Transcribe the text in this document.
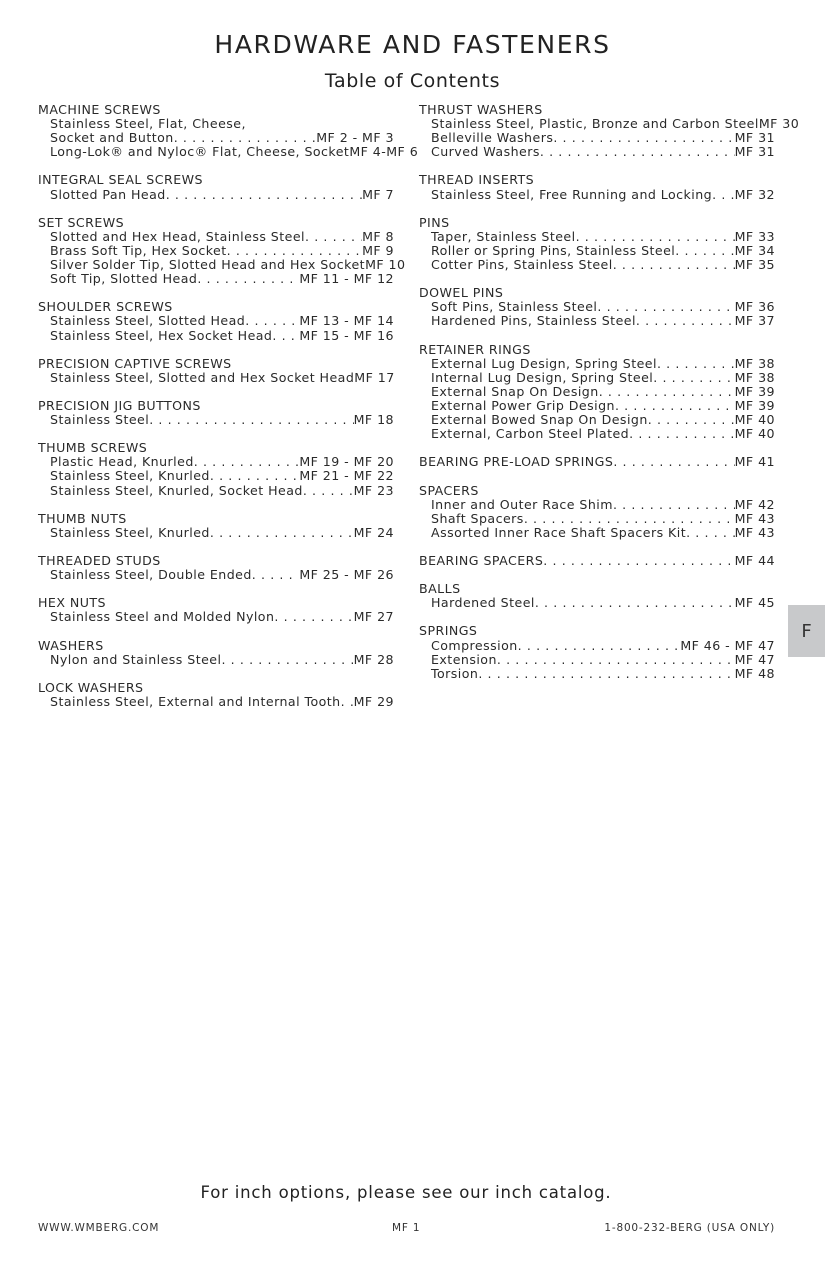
HARDWARE AND FASTENERS
Table of Contents
MACHINE SCREWS
Stainless Steel, Flat, Cheese,
Socket and Button . . .	MF 2 - MF 3
Long-Lok® and Nyloc® Flat, Cheese, Socket MF 4-MF 6
INTEGRAL SEAL SCREWS
Slotted Pan Head . . .	MF 7
SET SCREWS
Slotted and Hex Head, Stainless Steel . . .	MF 8
Brass Soft Tip, Hex Socket . . .	MF 9
Silver Solder Tip, Slotted Head and Hex Socket MF 10
Soft Tip, Slotted Head . . .	MF 11 - MF 12
SHOULDER SCREWS
Stainless Steel, Slotted Head . . .	MF 13 - MF 14
Stainless Steel, Hex Socket Head . . . MF 15 - MF 16
PRECISION CAPTIVE SCREWS
Stainless Steel, Slotted and Hex Socket Head MF 17
PRECISION JIG BUTTONS
Stainless Steel . . .	MF 18
THUMB SCREWS
Plastic Head, Knurled . . .	MF 19 - MF 20
Stainless Steel, Knurled . . .	MF 21 - MF 22
Stainless Steel, Knurled, Socket Head . . .	MF 23
THUMB NUTS
Stainless Steel, Knurled . . .	MF 24
THREADED STUDS
Stainless Steel, Double Ended . . .	MF 25 - MF 26
HEX NUTS
Stainless Steel and Molded Nylon . . .	MF 27
WASHERS
Nylon and Stainless Steel . . .	MF 28
LOCK WASHERS
Stainless Steel, External and Internal Tooth . . . MF 29
THRUST WASHERS
Stainless Steel, Plastic, Bronze and Carbon Steel MF 30
Belleville Washers . . .	MF 31
Curved Washers . . .	MF 31
THREAD INSERTS
Stainless Steel, Free Running and Locking . . . MF 32
PINS
Taper, Stainless Steel . . .	MF 33
Roller or Spring Pins, Stainless Steel . . .	MF 34
Cotter Pins, Stainless Steel . . .	MF 35
DOWEL PINS
Soft Pins, Stainless Steel . . .	MF 36
Hardened Pins, Stainless Steel . . .	MF 37
RETAINER RINGS
External Lug Design, Spring Steel . . .	MF 38
Internal Lug Design, Spring Steel . . .	MF 38
External Snap On Design . . .	MF 39
External Power Grip Design . . .	MF 39
External Bowed Snap On Design . . .	MF 40
External, Carbon Steel Plated . . .	MF 40
BEARING PRE-LOAD SPRINGS . . .	MF 41
SPACERS
Inner and Outer Race Shim . . .	MF 42
Shaft Spacers . . .	MF 43
Assorted Inner Race Shaft Spacers Kit . . .	MF 43
BEARING SPACERS . . .	MF 44
BALLS
Hardened Steel . . .	MF 45
SPRINGS
Compression . . .	MF 46 - MF 47
Extension . . .	MF 47
Torsion . . .	MF 48
F
For inch options, please see our inch catalog.
WWW.WMBERG.COM	MF 1	1-800-232-BERG (USA ONLY)
